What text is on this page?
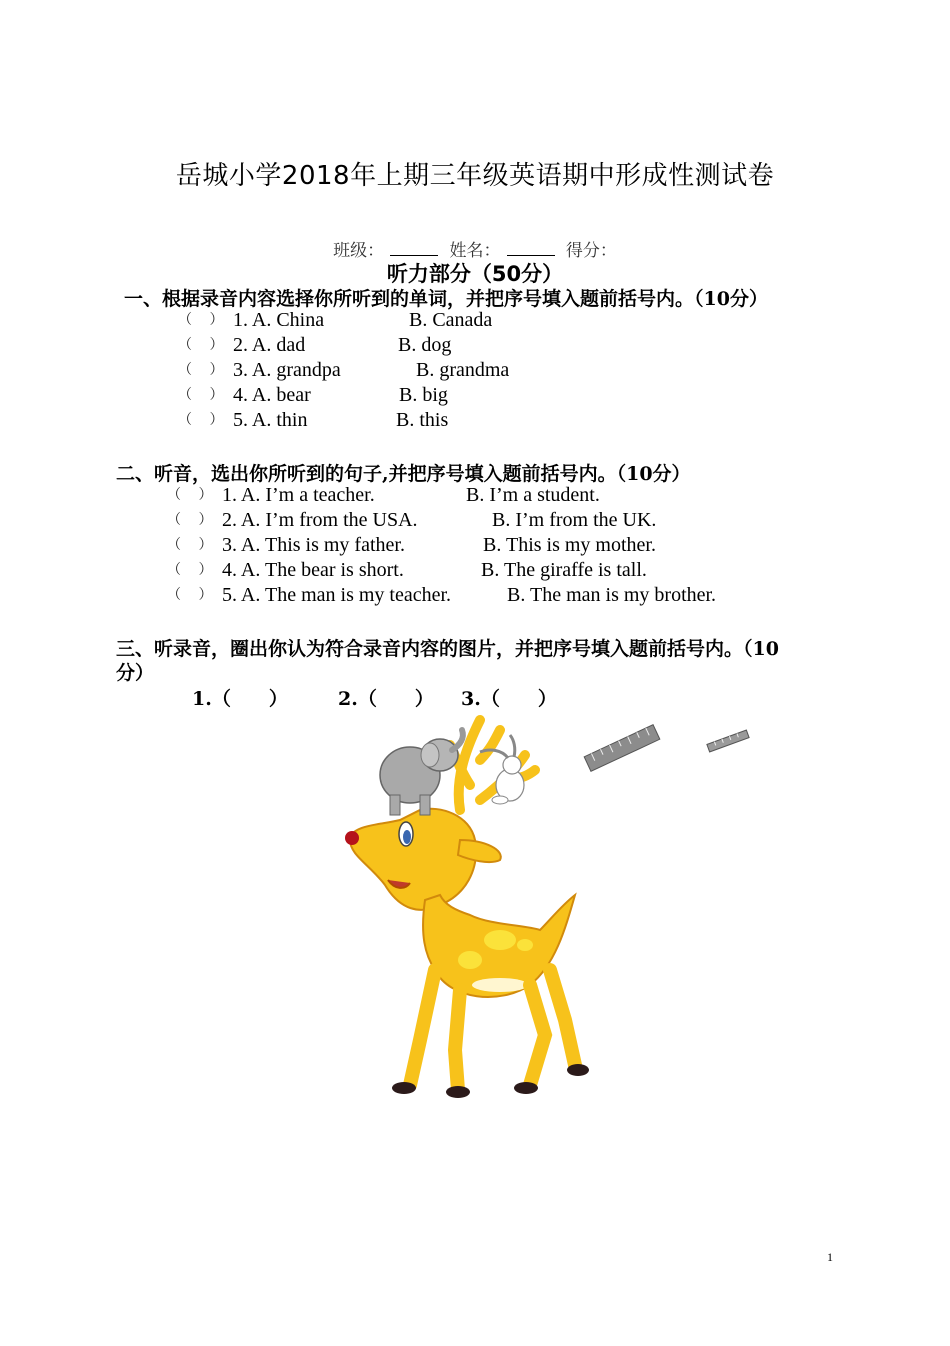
岳城小学2018年上期三年级英语期中形成性测试卷
班级：	姓名：	得分：
听力部分（50分）
一、根据录音内容选择你所听到的单词，并把序号填入题前括号内。（10分）
（　 ） 1. A. China	B. Canada
（　 ） 2. A. dad	B. dog
（　 ） 3. A. grandpa	B. grandma
（　 ） 4. A. bear	B. big
（　 ） 5. A. thin	B. this
二、听音，选出你所听到的句子,并把序号填入题前括号内。（10分）
（　 ） 1. A. I’m a teacher.	B. I’m a student.
（　 ） 2. A. I’m from the USA.	B. I’m from the UK.
（　 ） 3. A. This is my father.	B. This is my mother.
（　 ） 4. A. The bear is short.	B. The giraffe is tall.
（　 ） 5. A. The man is my teacher.	B. The man is my brother.
三、听录音，圈出你认为符合录音内容的图片，并把序号填入题前括号内。（10
分）
1.（　　）	2.（　　） 3.（　　）
1
